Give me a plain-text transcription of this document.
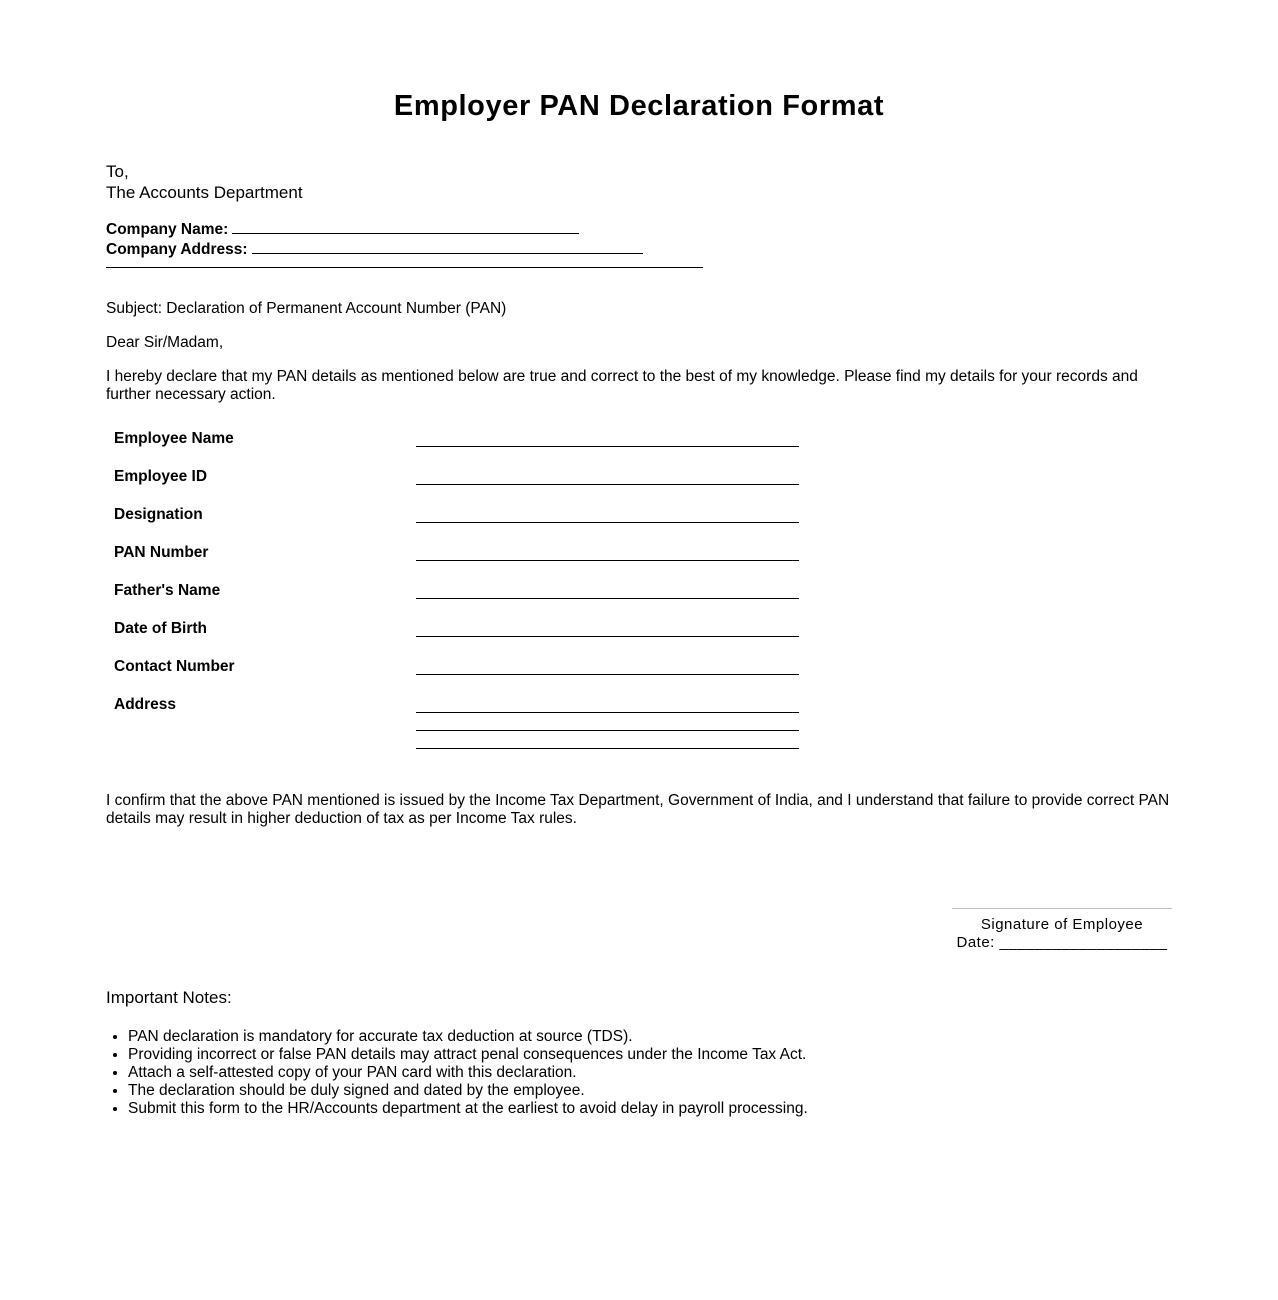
Employer PAN Declaration Format
To,
The Accounts Department
Company Name:
Company Address:

Subject: Declaration of Permanent Account Number (PAN)

Dear Sir/Madam,

I hereby declare that my PAN details as mentioned below are true and correct to the best of my knowledge. Please find my details for your records and further necessary action.

Employee Name
Employee ID
Designation
PAN Number
Father's Name
Date of Birth
Contact Number
Address

I confirm that the above PAN mentioned is issued by the Income Tax Department, Government of India, and I understand that failure to provide correct PAN details may result in higher deduction of tax as per Income Tax rules.

Signature of Employee
Date: ___________________
Important Notes:
• PAN declaration is mandatory for accurate tax deduction at source (TDS).
• Providing incorrect or false PAN details may attract penal consequences under the Income Tax Act.
• Attach a self-attested copy of your PAN card with this declaration.
• The declaration should be duly signed and dated by the employee.
• Submit this form to the HR/Accounts department at the earliest to avoid delay in payroll processing.
